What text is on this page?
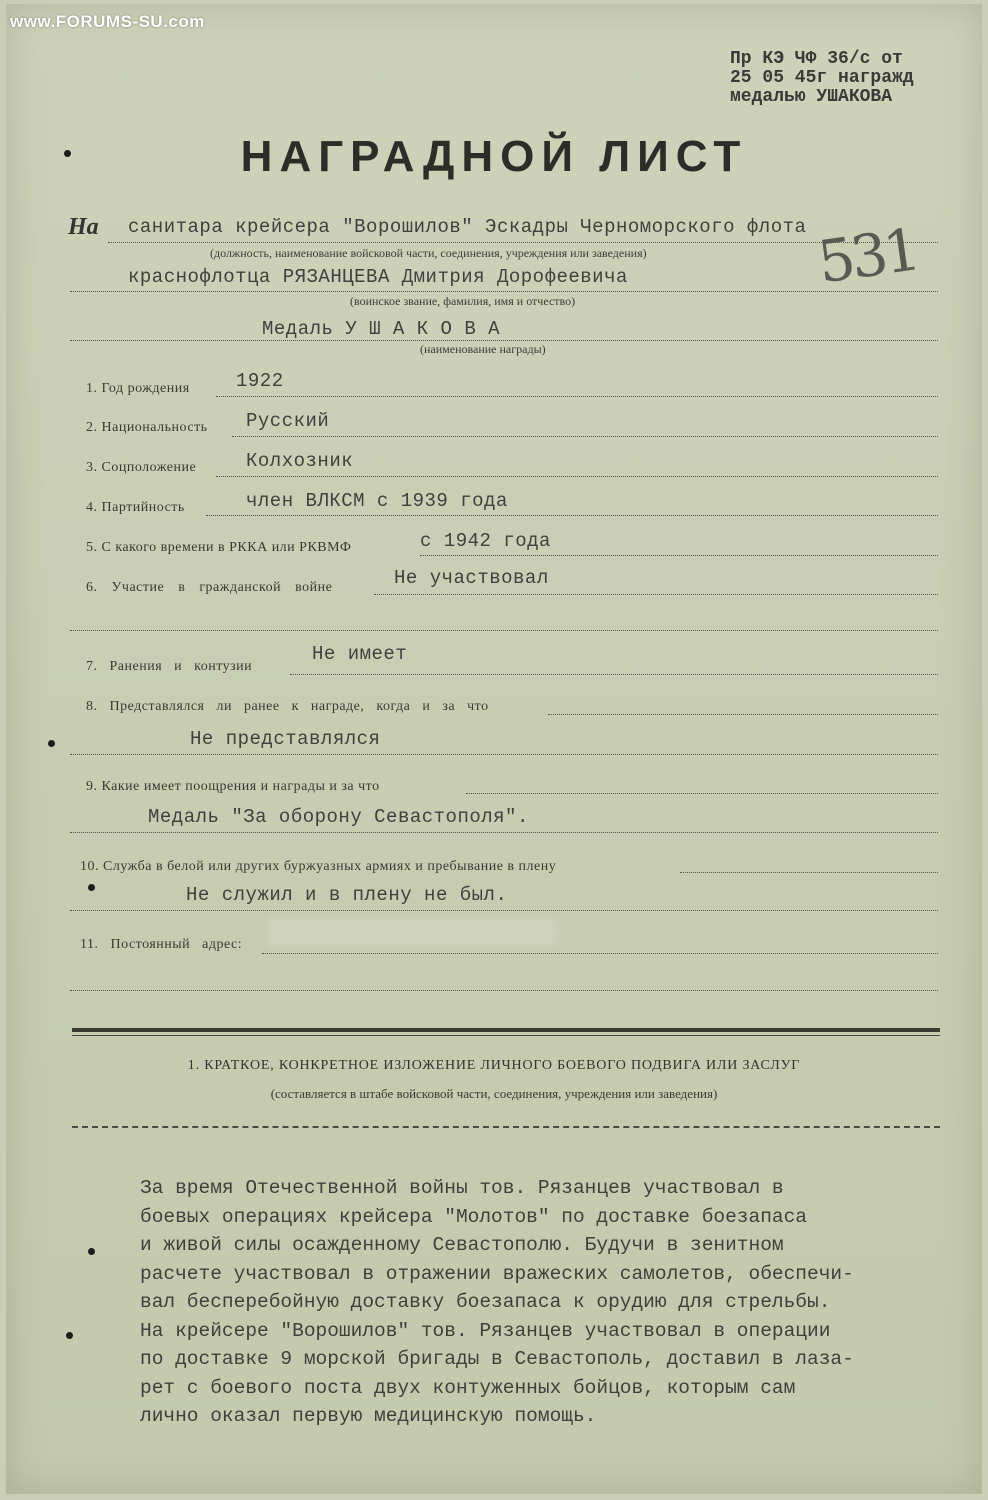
www.FORUMS-SU.com
Пр КЭ ЧФ 36/с от
25 05 45г награжд
медалью УШАКОВА
НАГРАДНОЙ ЛИСТ
531
На санитара крейсера "Ворошилов" Эскадры Черноморского флота
(должность, наименование войсковой части, соединения, учреждения или заведения)
краснофлотца РЯЗАНЦЕВА Дмитрия Дорофеевича
(воинское звание, фамилия, имя и отчество)
Медаль У Ш А К О В А
(наименование награды)
1. Год рождения 1922
2. Национальность Русский
3. Соцположение	Колхозник
4. Партийность	член ВЛКСМ с 1939 года
5. С какого времени в РККА или РКВМФ	с 1942 года
6. Участие в гражданской войне	Не участвовал
7. Ранения и контузии
Не имеет
8. Представлялся ли ранее к награде, когда и за что
Не представлялся
9. Какие имеет поощрения и награды и за что
Медаль "За оборону Севастополя".
10. Служба в белой или других буржуазных армиях и пребывание в плену
Не служил и в плену не был.
11. Постоянный адрес:
1. КРАТКОЕ, КОНКРЕТНОЕ ИЗЛОЖЕНИЕ ЛИЧНОГО БОЕВОГО ПОДВИГА ИЛИ ЗАСЛУГ
(составляется в штабе войсковой части, соединения, учреждения или заведения)
За время Отечественной войны тов. Рязанцев участвовал в
боевых операциях крейсера "Молотов" по доставке боезапаса
и живой силы осажденному Севастополю. Будучи в зенитном
расчете участвовал в отражении вражеских самолетов, обеспечи-
вал бесперебойную доставку боезапаса к орудию для стрельбы.
На крейсере "Ворошилов" тов. Рязанцев участвовал в операции
по доставке 9 морской бригады в Севастополь, доставил в лаза-
рет с боевого поста двух контуженных бойцов, которым сам
лично оказал первую медицинскую помощь.
